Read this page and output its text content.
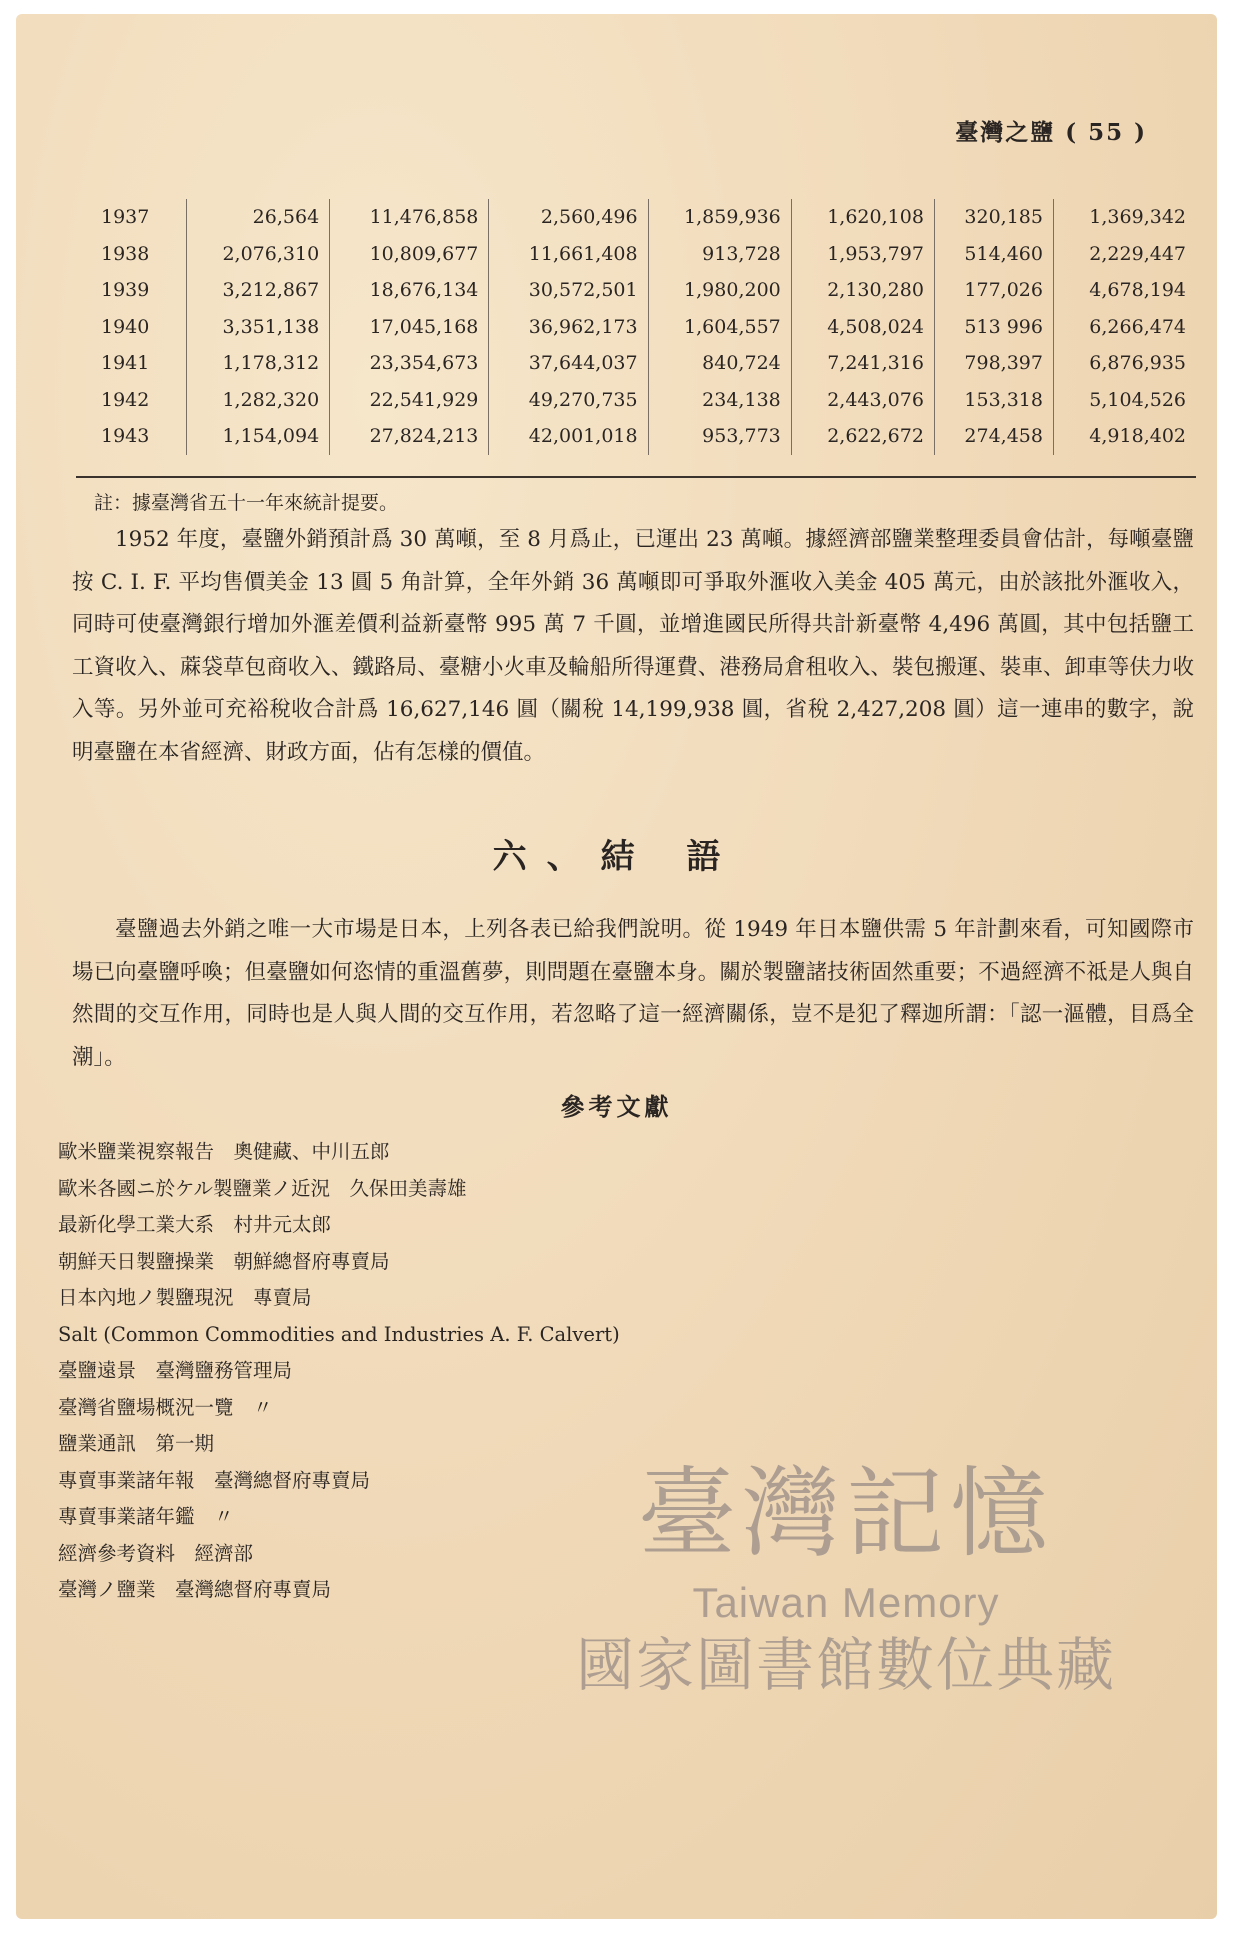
臺灣之鹽 ( 55 )
1937	26,564	11,476,858	2,560,496	1,859,936	1,620,108	320,185	1,369,342
1938	2,076,310	10,809,677	11,661,408	913,728	1,953,797	514,460	2,229,447
1939	3,212,867	18,676,134	30,572,501	1,980,200	2,130,280	177,026	4,678,194
1940	3,351,138	17,045,168	36,962,173	1,604,557	4,508,024	513 996	6,266,474
1941	1,178,312	23,354,673	37,644,037	840,724	7,241,316	798,397	6,876,935
1942	1,282,320	22,541,929	49,270,735	234,138	2,443,076	153,318	5,104,526
1943	1,154,094	27,824,213	42,001,018	953,773	2,622,672	274,458	4,918,402
註：據臺灣省五十一年來統計提要。

1952 年度，臺鹽外銷預計爲 30 萬噸，至 8 月爲止，已運出 23 萬噸。據經濟部鹽業整理委員會估計，每噸臺鹽按 C. I. F. 平均售價美金 13 圓 5 角計算，全年外銷 36 萬噸即可爭取外滙收入美金 405 萬元，由於該批外滙收入，同時可使臺灣銀行增加外滙差價利益新臺幣 995 萬 7 千圓，並增進國民所得共計新臺幣 4,496 萬圓，其中包括鹽工工資收入、蔴袋草包商收入、鐵路局、臺糖小火車及輪船所得運費、港務局倉租收入、裝包搬運、裝車、卸車等伕力收入等。另外並可充裕稅收合計爲 16,627,146 圓（關稅 14,199,938 圓，省稅 2,427,208 圓）這一連串的數字，說明臺鹽在本省經濟、財政方面，佔有怎樣的價值。

六、結 語

臺鹽過去外銷之唯一大市場是日本，上列各表已給我們說明。從 1949 年日本鹽供需 5 年計劃來看，可知國際市場已向臺鹽呼喚；但臺鹽如何恣情的重溫舊夢，則問題在臺鹽本身。關於製鹽諸技術固然重要；不過經濟不祗是人與自然間的交互作用，同時也是人與人間的交互作用，若忽略了這一經濟關係，豈不是犯了釋迦所謂：「認一漚體，目爲全潮」。

參考文獻
歐米鹽業視察報告　奧健藏、中川五郎
歐米各國ニ於ケル製鹽業ノ近況　久保田美壽雄
最新化學工業大系　村井元太郎
朝鮮天日製鹽操業　朝鮮總督府專賣局
日本內地ノ製鹽現況　專賣局
Salt (Common Commodities and Industries A. F. Calvert)
臺鹽遠景　臺灣鹽務管理局
臺灣省鹽場概況一覽　〃
鹽業通訊　第一期
專賣事業諸年報　臺灣總督府專賣局
專賣事業諸年鑑　〃
經濟參考資料　經濟部
臺灣ノ鹽業　臺灣總督府專賣局
臺灣記憶
Taiwan Memory
國家圖書館數位典藏
